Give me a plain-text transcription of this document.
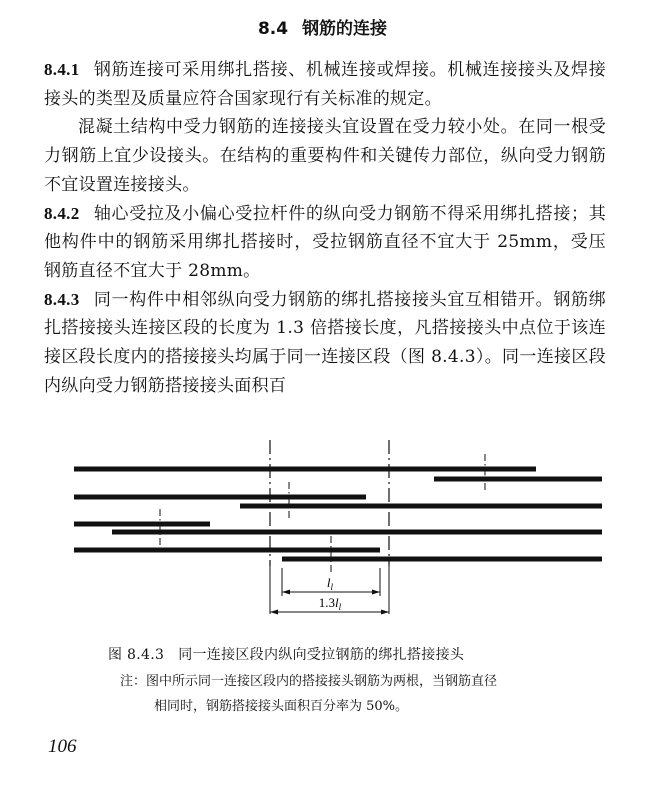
8.4 钢筋的连接

8.4.1 钢筋连接可采用绑扎搭接、机械连接或焊接。机械连接接头及焊接接头的类型及质量应符合国家现行有关标准的规定。

混凝土结构中受力钢筋的连接接头宜设置在受力较小处。在同一根受力钢筋上宜少设接头。在结构的重要构件和关键传力部位，纵向受力钢筋不宜设置连接接头。

8.4.2 轴心受拉及小偏心受拉杆件的纵向受力钢筋不得采用绑扎搭接；其他构件中的钢筋采用绑扎搭接时，受拉钢筋直径不宜大于 25mm，受压钢筋直径不宜大于 28mm。

8.4.3 同一构件中相邻纵向受力钢筋的绑扎搭接接头宜互相错开。钢筋绑扎搭接接头连接区段的长度为 1.3 倍搭接长度，凡搭接接头中点位于该连接区段长度内的搭接接头均属于同一连接区段（图 8.4.3）。同一连接区段内纵向受力钢筋搭接接头面积百

$l_l$
$1.3l_l$
图 8.4.3 同一连接区段内纵向受拉钢筋的绑扎搭接接头
注：图中所示同一连接区段内的搭接接头钢筋为两根，当钢筋直径
相同时，钢筋搭接接头面积百分率为 50%。
106
